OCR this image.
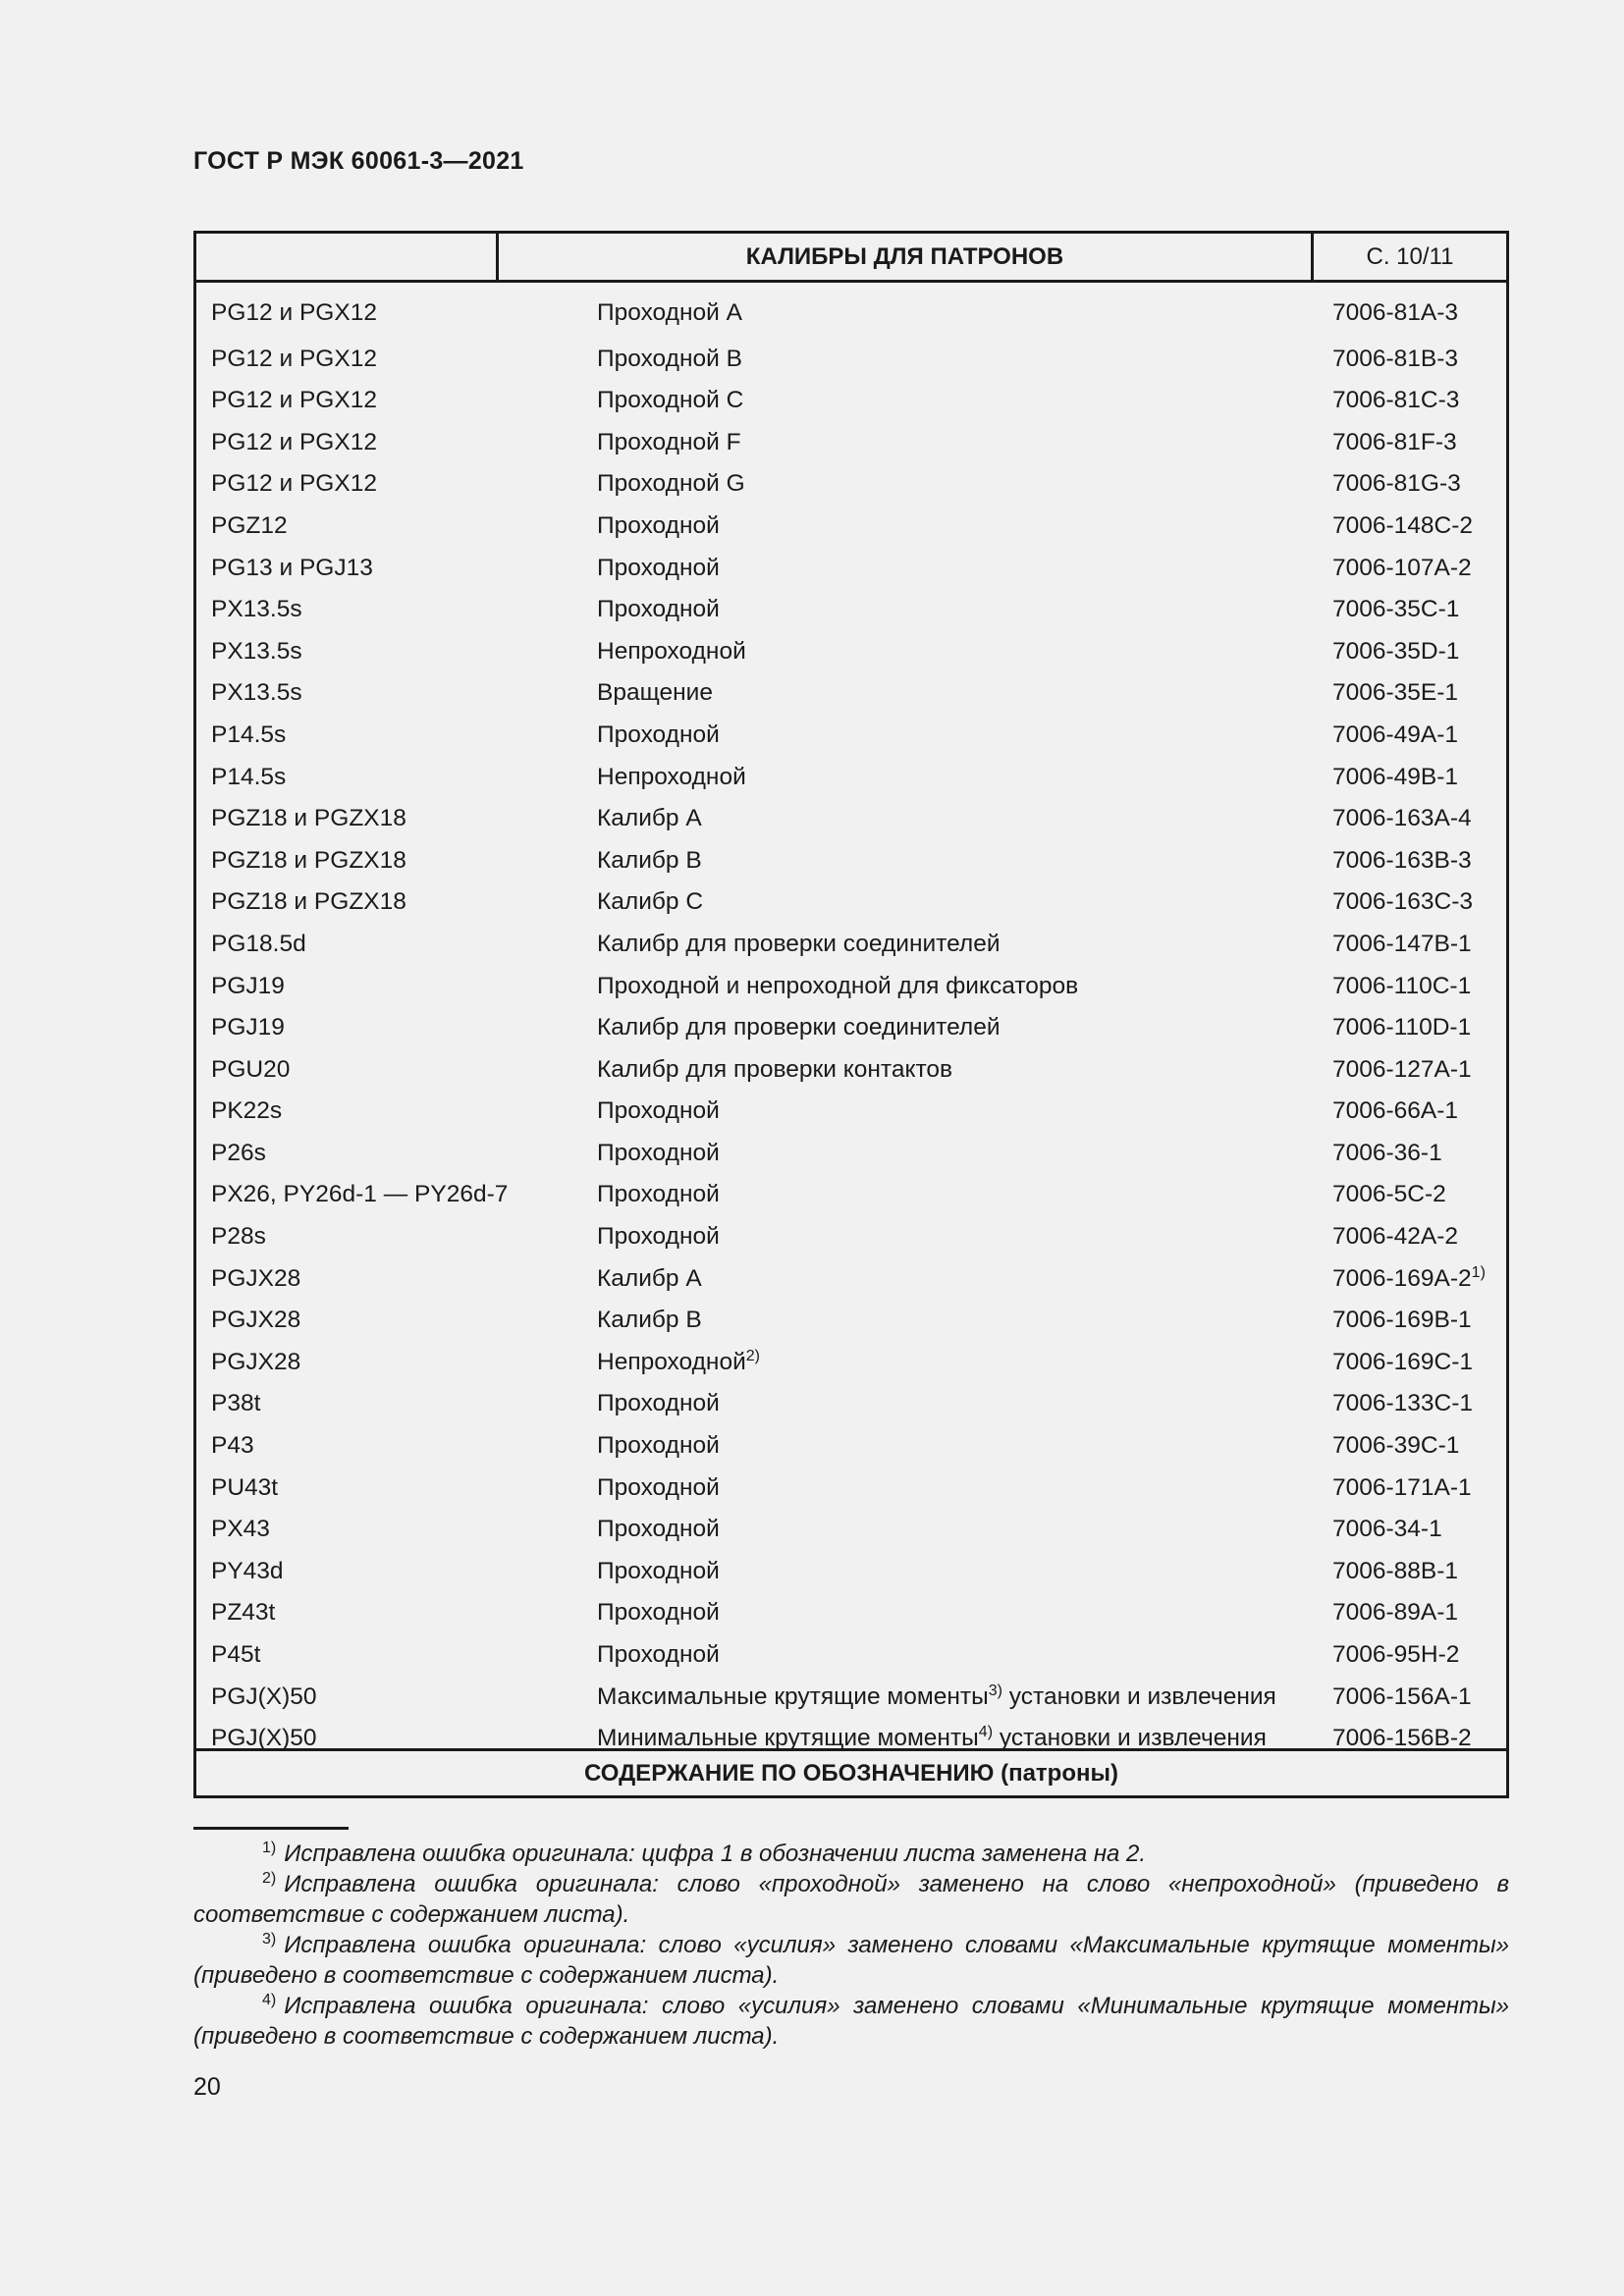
ГОСТ Р МЭК 60061-3—2021
КАЛИБРЫ ДЛЯ ПАТРОНОВ	С. 10/11
PG12 и PGX12	Проходной A	7006-81A-3
PG12 и PGX12	Проходной B	7006-81B-3
PG12 и PGX12	Проходной C	7006-81C-3
PG12 и PGX12	Проходной F	7006-81F-3
PG12 и PGX12	Проходной G	7006-81G-3
PGZ12	Проходной	7006-148C-2
PG13 и PGJ13	Проходной	7006-107A-2
PX13.5s	Проходной	7006-35C-1
PX13.5s	Непроходной	7006-35D-1
PX13.5s	Вращение	7006-35E-1
P14.5s	Проходной	7006-49A-1
P14.5s	Непроходной	7006-49B-1
PGZ18 и PGZX18	Калибр A	7006-163A-4
PGZ18 и PGZX18	Калибр B	7006-163B-3
PGZ18 и PGZX18	Калибр C	7006-163C-3
PG18.5d	Калибр для проверки соединителей	7006-147B-1
PGJ19	Проходной и непроходной для фиксаторов	7006-110C-1
PGJ19	Калибр для проверки соединителей	7006-110D-1
PGU20	Калибр для проверки контактов	7006-127A-1
PK22s	Проходной	7006-66A-1
P26s	Проходной	7006-36-1
PX26, PY26d-1 — PY26d-7	Проходной	7006-5C-2
P28s	Проходной	7006-42A-2
PGJX28	Калибр A	7006-169A-2$^{1)}$
PGJX28	Калибр B	7006-169B-1
PGJX28	Непроходной$^{2)}$	7006-169C-1
P38t	Проходной	7006-133C-1
P43	Проходной	7006-39C-1
PU43t	Проходной	7006-171A-1
PX43	Проходной	7006-34-1
PY43d	Проходной	7006-88B-1
PZ43t	Проходной	7006-89A-1
P45t	Проходной	7006-95H-2
PGJ(X)50	Максимальные крутящие моменты$^{3)}$ установки и извлечения 7006-156A-1
PGJ(X)50	Минимальные крутящие моменты$^{4)}$ установки и извлечения	7006-156B-2
СОДЕРЖАНИЕ ПО ОБОЗНАЧЕНИЮ (патроны)

$^{1)}$ Исправлена ошибка оригинала: цифра 1 в обозначении листа заменена на 2.

$^{2)}$ Исправлена ошибка оригинала: слово «проходной» заменено на слово «непроходной» (приведено в соответствие с содержанием листа).

$^{3)}$ Исправлена ошибка оригинала: слово «усилия» заменено словами «Максимальные крутящие моменты» (приведено в соответствие с содержанием листа).

$^{4)}$ Исправлена ошибка оригинала: слово «усилия» заменено словами «Минимальные крутящие моменты» (приведено в соответствие с содержанием листа).

20
